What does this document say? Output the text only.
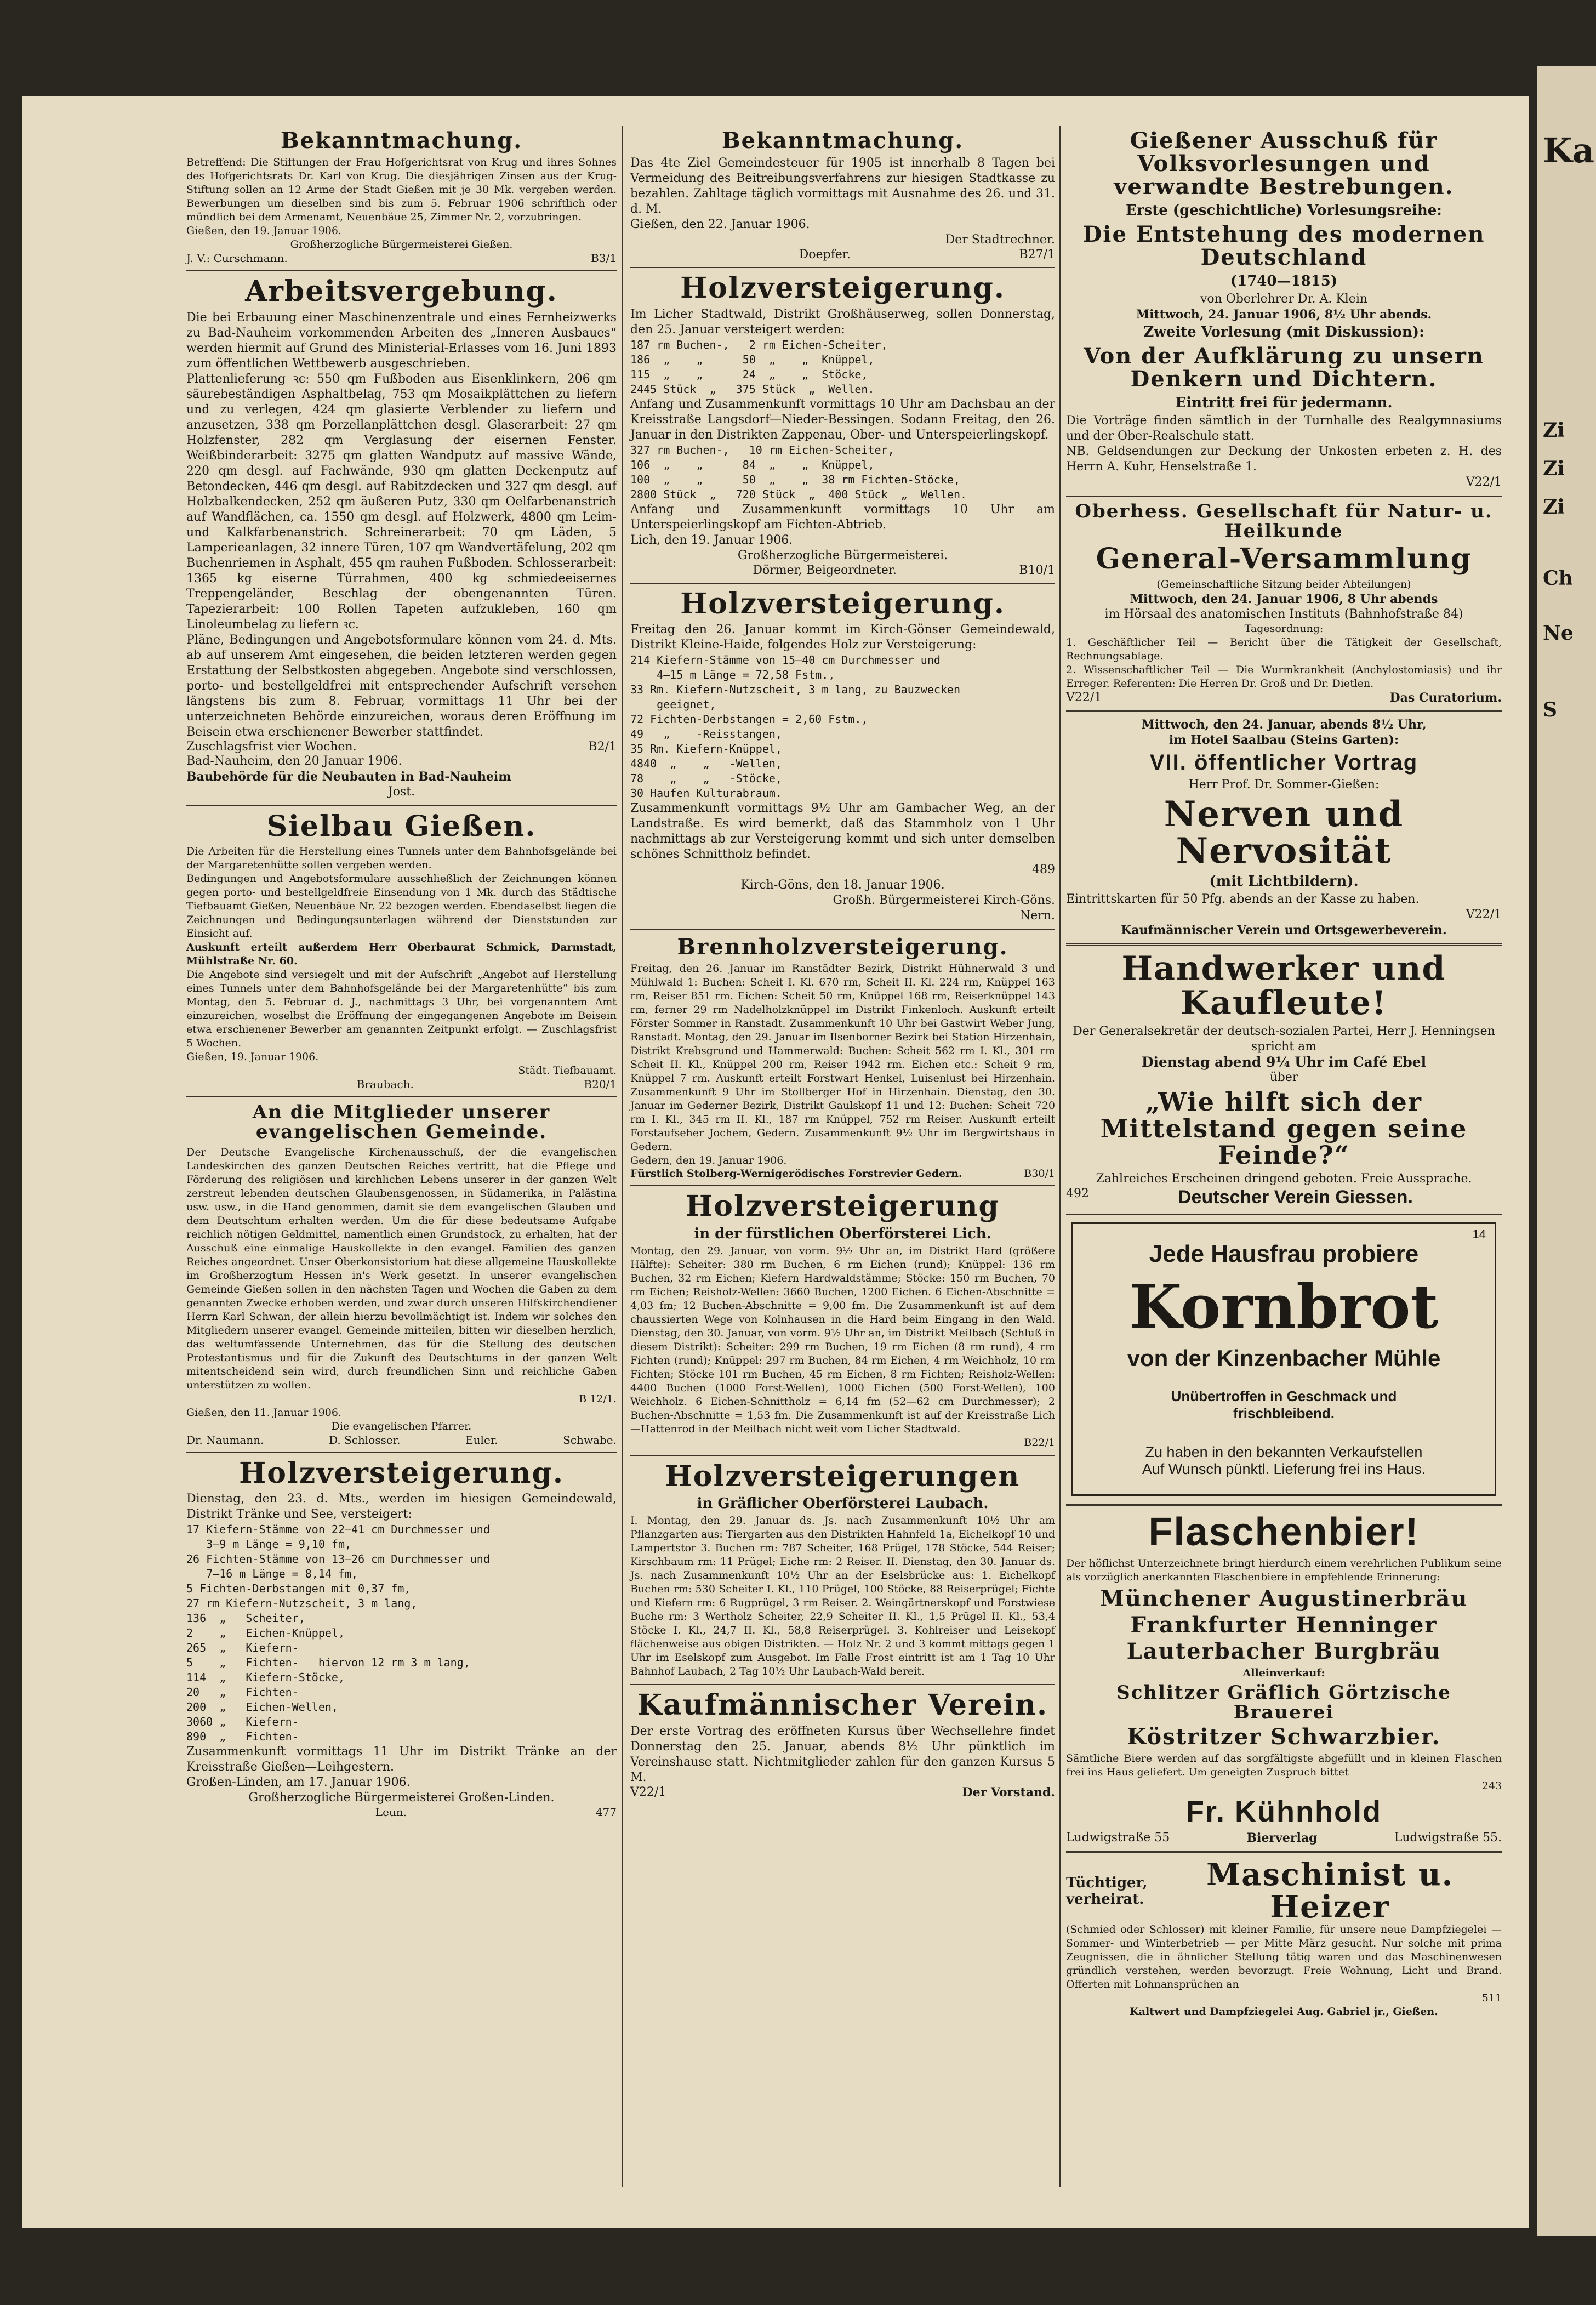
Ka
Zi
Zi
Zi
Ch
Ne
S
Bekanntmachung.

Betreffend: Die Stiftungen der Frau Hofgerichtsrat von Krug und ihres Sohnes des Hofgerichtsrats Dr. Karl von Krug. Die diesjährigen Zinsen aus der Krug-Stiftung sollen an 12 Arme der Stadt Gießen mit je 30 Mk. vergeben werden. Bewerbungen um dieselben sind bis zum 5. Februar 1906 schriftlich oder mündlich bei dem Armenamt, Neuenbäue 25, Zimmer Nr. 2, vorzubringen.

Gießen, den 19. Januar 1906.

Großherzogliche Bürgermeisterei Gießen.

J. V.: Curschmann.	B3/1
Arbeitsvergebung.

Die bei Erbauung einer Maschinenzentrale und eines Fernheizwerks zu Bad-Nauheim vorkommenden Arbeiten des „Inneren Ausbaues“ werden hiermit auf Grund des Ministerial-Erlasses vom 16. Juni 1893 zum öffentlichen Wettbewerb ausgeschrieben.

Plattenlieferung ꝛc: 550 qm Fußboden aus Eisenklinkern, 206 qm säurebeständigen Asphaltbelag, 753 qm Mosaikplättchen zu liefern und zu verlegen, 424 qm glasierte Verblender zu liefern und anzusetzen, 338 qm Porzellanplättchen desgl. Glaserarbeit: 27 qm Holzfenster, 282 qm Verglasung der eisernen Fenster. Weißbinderarbeit: 3275 qm glatten Wandputz auf massive Wände, 220 qm desgl. auf Fachwände, 930 qm glatten Deckenputz auf Betondecken, 446 qm desgl. auf Rabitzdecken und 327 qm desgl. auf Holzbalkendecken, 252 qm äußeren Putz, 330 qm Oelfarbenanstrich auf Wandflächen, ca. 1550 qm desgl. auf Holzwerk, 4800 qm Leim- und Kalkfarbenanstrich. Schreinerarbeit: 70 qm Läden, 5 Lamperieanlagen, 32 innere Türen, 107 qm Wandvertäfelung, 202 qm Buchenriemen in Asphalt, 455 qm rauhen Fußboden. Schlosserarbeit: 1365 kg eiserne Türrahmen, 400 kg schmiedeeisernes Treppengeländer, Beschlag der obengenannten Türen. Tapezierarbeit: 100 Rollen Tapeten aufzukleben, 160 qm Linoleumbelag zu liefern ꝛc.

Pläne, Bedingungen und Angebotsformulare können vom 24. d. Mts. ab auf unserem Amt eingesehen, die beiden letzteren werden gegen Erstattung der Selbstkosten abgegeben. Angebote sind verschlossen, porto- und bestellgeldfrei mit entsprechender Aufschrift versehen längstens bis zum 8. Februar, vormittags 11 Uhr bei der unterzeichneten Behörde einzureichen, woraus deren Eröffnung im Beisein etwa erschienener Bewerber stattfindet.

Zuschlagsfrist vier Wochen.	B2/1

Bad-Nauheim, den 20 Januar 1906.

Baubehörde für die Neubauten in Bad-Nauheim

Jost.

Sielbau Gießen.

Die Arbeiten für die Herstellung eines Tunnels unter dem Bahnhofsgelände bei der Margaretenhütte sollen vergeben werden.

Bedingungen und Angebotsformulare ausschließlich der Zeichnungen können gegen porto- und bestellgeldfreie Einsendung von 1 Mk. durch das Städtische Tiefbauamt Gießen, Neuenbäue Nr. 22 bezogen werden. Ebendaselbst liegen die Zeichnungen und Bedingungsunterlagen während der Dienststunden zur Einsicht auf.

Auskunft erteilt außerdem Herr Oberbaurat Schmick, Darmstadt, Mühlstraße Nr. 60.

Die Angebote sind versiegelt und mit der Aufschrift „Angebot auf Herstellung eines Tunnels unter dem Bahnhofsgelände bei der Margaretenhütte“ bis zum Montag, den 5. Februar d. J., nachmittags 3 Uhr, bei vorgenanntem Amt einzureichen, woselbst die Eröffnung der eingegangenen Angebote im Beisein etwa erschienener Bewerber am genannten Zeitpunkt erfolgt. — Zuschlagsfrist 5 Wochen.

Gießen, 19. Januar 1906.

Städt. Tiefbauamt.

Braubach.	B20/1
An die Mitglieder unserer evangelischen Gemeinde.

Der Deutsche Evangelische Kirchenausschuß, der die evangelischen Landeskirchen des ganzen Deutschen Reiches vertritt, hat die Pflege und Förderung des religiösen und kirchlichen Lebens unserer in der ganzen Welt zerstreut lebenden deutschen Glaubensgenossen, in Südamerika, in Palästina usw. usw., in die Hand genommen, damit sie dem evangelischen Glauben und dem Deutschtum erhalten werden. Um die für diese bedeutsame Aufgabe reichlich nötigen Geldmittel, namentlich einen Grundstock, zu erhalten, hat der Ausschuß eine einmalige Hauskollekte in den evangel. Familien des ganzen Reiches angeordnet. Unser Oberkonsistorium hat diese allgemeine Hauskollekte im Großherzogtum Hessen in's Werk gesetzt. In unserer evangelischen Gemeinde Gießen sollen in den nächsten Tagen und Wochen die Gaben zu dem genannten Zwecke erhoben werden, und zwar durch unseren Hilfskirchendiener Herrn Karl Schwan, der allein hierzu bevollmächtigt ist. Indem wir solches den Mitgliedern unserer evangel. Gemeinde mitteilen, bitten wir dieselben herzlich, das weltumfassende Unternehmen, das für die Stellung des deutschen Protestantismus und für die Zukunft des Deutschtums in der ganzen Welt mitentscheidend sein wird, durch freundlichen Sinn und reichliche Gaben unterstützen zu wollen.

B 12/1.

Gießen, den 11. Januar 1906.

Die evangelischen Pfarrer.

Dr. Naumann.	D. Schlosser.	Euler.	Schwabe.
Holzversteigerung.

Dienstag, den 23. d. Mts., werden im hiesigen Gemeindewald, Distrikt Tränke und See, versteigert:

17 Kiefern-Stämme von 22—41 cm Durchmesser und
3—9 m Länge = 9,10 fm,
26 Fichten-Stämme von 13—26 cm Durchmesser und
7—16 m Länge = 8,14 fm,
5 Fichten-Derbstangen mit 0,37 fm,
27 rm Kiefern-Nutzscheit, 3 m lang,
136  „   Scheiter,
2    „   Eichen-Knüppel,
265  „   Kiefern-
5    „   Fichten-   hiervon 12 rm 3 m lang,
114  „   Kiefern-Stöcke,
20   „   Fichten-
200  „   Eichen-Wellen,
3060 „   Kiefern-
890  „   Fichten-

Zusammenkunft vormittags 11 Uhr im Distrikt Tränke an der Kreisstraße Gießen—Leihgestern.

Großen-Linden, am 17. Januar 1906.

Großherzogliche Bürgermeisterei Großen-Linden.

Leun.	477
Bekanntmachung.

Das 4te Ziel Gemeindesteuer für 1905 ist innerhalb 8 Tagen bei Vermeidung des Beitreibungsverfahrens zur hiesigen Stadtkasse zu bezahlen. Zahltage täglich vormittags mit Ausnahme des 26. und 31. d. M.

Gießen, den 22. Januar 1906.

Der Stadtrechner.

Doepfer.	B27/1
Holzversteigerung.

Im Licher Stadtwald, Distrikt Großhäuserweg, sollen Donnerstag, den 25. Januar versteigert werden:

187 rm Buchen-,   2 rm Eichen-Scheiter,
186  „    „      50  „    „  Knüppel,
115  „    „      24  „    „  Stöcke,
2445 Stück  „   375 Stück  „  Wellen.

Anfang und Zusammenkunft vormittags 10 Uhr am Dachsbau an der Kreisstraße Langsdorf—Nieder-Bessingen. Sodann Freitag, den 26. Januar in den Distrikten Zappenau, Ober- und Unterspeierlingskopf.

327 rm Buchen-,   10 rm Eichen-Scheiter,
106  „    „      84  „    „  Knüppel,
100  „    „      50  „    „  38 rm Fichten-Stöcke,
2800 Stück  „   720 Stück  „  400 Stück  „  Wellen.

Anfang und Zusammenkunft vormittags 10 Uhr am Unterspeierlingskopf am Fichten-Abtrieb.

Lich, den 19. Januar 1906.

Großherzogliche Bürgermeisterei.

Dörmer, Beigeordneter.	B10/1
Holzversteigerung.

Freitag den 26. Januar kommt im Kirch-Gönser Gemeindewald, Distrikt Kleine-Haide, folgendes Holz zur Versteigerung:

214 Kiefern-Stämme von 15—40 cm Durchmesser und
4—15 m Länge = 72,58 Fstm.,
33 Rm. Kiefern-Nutzscheit, 3 m lang, zu Bauzwecken
geeignet,
72 Fichten-Derbstangen = 2,60 Fstm.,
49   „    -Reisstangen,
35 Rm. Kiefern-Knüppel,
4840  „    „   -Wellen,
78    „    „   -Stöcke,
30 Haufen Kulturabraum.

Zusammenkunft vormittags 9½ Uhr am Gambacher Weg, an der Landstraße. Es wird bemerkt, daß das Stammholz von 1 Uhr nachmittags ab zur Versteigerung kommt und sich unter demselben schönes Schnittholz befindet.

489

Kirch-Göns, den 18. Januar 1906.

Großh. Bürgermeisterei Kirch-Göns.

Nern.

Brennholzversteigerung.

Freitag, den 26. Januar im Ranstädter Bezirk, Distrikt Hühnerwald 3 und Mühlwald 1: Buchen: Scheit I. Kl. 670 rm, Scheit II. Kl. 224 rm, Knüppel 163 rm, Reiser 851 rm. Eichen: Scheit 50 rm, Knüppel 168 rm, Reiserknüppel 143 rm, ferner 29 rm Nadelholzknüppel im Distrikt Finkenloch. Auskunft erteilt Förster Sommer in Ranstadt. Zusammenkunft 10 Uhr bei Gastwirt Weber Jung, Ranstadt. Montag, den 29. Januar im Ilsenborner Bezirk bei Station Hirzenhain, Distrikt Krebsgrund und Hammerwald: Buchen: Scheit 562 rm I. Kl., 301 rm Scheit II. Kl., Knüppel 200 rm, Reiser 1942 rm. Eichen etc.: Scheit 9 rm, Knüppel 7 rm. Auskunft erteilt Forstwart Henkel, Luisenlust bei Hirzenhain. Zusammenkunft 9 Uhr im Stollberger Hof in Hirzenhain. Dienstag, den 30. Januar im Gederner Bezirk, Distrikt Gaulskopf 11 und 12: Buchen: Scheit 720 rm I. Kl., 345 rm II. Kl., 187 rm Knüppel, 752 rm Reiser. Auskunft erteilt Forstaufseher Jochem, Gedern. Zusammenkunft 9½ Uhr im Bergwirtshaus in Gedern.

Gedern, den 19. Januar 1906.

Fürstlich Stolberg-Wernigerödisches Forstrevier Gedern.	B30/1
Holzversteigerung
in der fürstlichen Oberförsterei Lich.

Montag, den 29. Januar, von vorm. 9½ Uhr an, im Distrikt Hard (größere Hälfte): Scheiter: 380 rm Buchen, 6 rm Eichen (rund); Knüppel: 136 rm Buchen, 32 rm Eichen; Kiefern Hardwaldstämme; Stöcke: 150 rm Buchen, 70 rm Eichen; Reisholz-Wellen: 3660 Buchen, 1200 Eichen. 6 Eichen-Abschnitte = 4,03 fm; 12 Buchen-Abschnitte = 9,00 fm. Die Zusammenkunft ist auf dem chaussierten Wege von Kolnhausen in die Hard beim Eingang in den Wald. Dienstag, den 30. Januar, von vorm. 9½ Uhr an, im Distrikt Meilbach (Schluß in diesem Distrikt): Scheiter: 299 rm Buchen, 19 rm Eichen (8 rm rund), 4 rm Fichten (rund); Knüppel: 297 rm Buchen, 84 rm Eichen, 4 rm Weichholz, 10 rm Fichten; Stöcke 101 rm Buchen, 45 rm Eichen, 8 rm Fichten; Reisholz-Wellen: 4400 Buchen (1000 Forst-Wellen), 1000 Eichen (500 Forst-Wellen), 100 Weichholz. 6 Eichen-Schnittholz = 6,14 fm (52—62 cm Durchmesser); 2 Buchen-Abschnitte = 1,53 fm. Die Zusammenkunft ist auf der Kreisstraße Lich—Hattenrod in der Meilbach nicht weit vom Licher Stadtwald.

B22/1

Holzversteigerungen
in Gräflicher Oberförsterei Laubach.

I. Montag, den 29. Januar ds. Js. nach Zusammenkunft 10½ Uhr am Pflanzgarten aus: Tiergarten aus den Distrikten Hahnfeld 1a, Eichelkopf 10 und Lampertstor 3. Buchen rm: 787 Scheiter, 168 Prügel, 178 Stöcke, 544 Reiser; Kirschbaum rm: 11 Prügel; Eiche rm: 2 Reiser. II. Dienstag, den 30. Januar ds. Js. nach Zusammenkunft 10½ Uhr an der Eselsbrücke aus: 1. Eichelkopf Buchen rm: 530 Scheiter I. Kl., 110 Prügel, 100 Stöcke, 88 Reiserprügel; Fichte und Kiefern rm: 6 Rugprügel, 3 rm Reiser. 2. Weingärtnerskopf und Forstwiese Buche rm: 3 Wertholz Scheiter, 22,9 Scheiter II. Kl., 1,5 Prügel II. Kl., 53,4 Stöcke I. Kl., 24,7 II. Kl., 58,8 Reiserprügel. 3. Kohlreiser und Leisekopf flächenweise aus obigen Distrikten. — Holz Nr. 2 und 3 kommt mittags gegen 1 Uhr im Eselskopf zum Ausgebot. Im Falle Frost eintritt ist am 1 Tag 10 Uhr Bahnhof Laubach, 2 Tag 10½ Uhr Laubach-Wald bereit.

Kaufmännischer Verein.

Der erste Vortrag des eröffneten Kursus über Wechsellehre findet Donnerstag den 25. Januar, abends 8½ Uhr pünktlich im Vereinshause statt. Nichtmitglieder zahlen für den ganzen Kursus 5 M.

V22/1	Der Vorstand.
Gießener Ausschuß für Volksvorlesungen und verwandte Bestrebungen.
Erste (geschichtliche) Vorlesungsreihe:
Die Entstehung des modernen Deutschland
(1740—1815)

von Oberlehrer Dr. A. Klein

Mittwoch, 24. Januar 1906, 8½ Uhr abends.

Zweite Vorlesung (mit Diskussion):
Von der Aufklärung zu unsern Denkern und Dichtern.
Eintritt frei für jedermann.

Die Vorträge finden sämtlich in der Turnhalle des Realgymnasiums und der Ober-Realschule statt.

NB. Geldsendungen zur Deckung der Unkosten erbeten z. H. des Herrn A. Kuhr, Henselstraße 1.

V22/1

Oberhess. Gesellschaft für Natur- u. Heilkunde
General-Versammlung

(Gemeinschaftliche Sitzung beider Abteilungen)

Mittwoch, den 24. Januar 1906, 8 Uhr abends

im Hörsaal des anatomischen Instituts (Bahnhofstraße 84)

Tagesordnung:

1. Geschäftlicher Teil — Bericht über die Tätigkeit der Gesellschaft, Rechnungsablage.

2. Wissenschaftlicher Teil — Die Wurmkrankheit (Anchylostomiasis) und ihr Erreger. Referenten: Die Herren Dr. Groß und Dr. Dietlen.

V22/1	Das Curatorium.

Mittwoch, den 24. Januar, abends 8½ Uhr,

im Hotel Saalbau (Steins Garten):

VII. öffentlicher Vortrag

Herr Prof. Dr. Sommer-Gießen:

Nerven und Nervosität
(mit Lichtbildern).

Eintrittskarten für 50 Pfg. abends an der Kasse zu haben.

V22/1

Kaufmännischer Verein und Ortsgewerbeverein.

Handwerker und Kaufleute!

Der Generalsekretär der deutsch-sozialen Partei, Herr J. Henningsen spricht am

Dienstag abend 9¼ Uhr im Café Ebel

über

„Wie hilft sich der Mittelstand gegen seine Feinde?“

Zahlreiches Erscheinen dringend geboten. Freie Aussprache.

492	Deutscher Verein Giessen.
14
Jede Hausfrau probiere
Kornbrot
von der Kinzenbacher Mühle
Unübertroffen in Geschmack und frischbleibend.
Zu haben in den bekannten Verkaufstellen
Auf Wunsch pünktl. Lieferung frei ins Haus.
Flaschenbier!

Der höflichst Unterzeichnete bringt hierdurch einem verehrlichen Publikum seine als vorzüglich anerkannten Flaschenbiere in empfehlende Erinnerung:

Münchener Augustinerbräu
Frankfurter Henninger
Lauterbacher Burgbräu

Alleinverkauf:

Schlitzer Gräflich Görtzische Brauerei
Köstritzer Schwarzbier.

Sämtliche Biere werden auf das sorgfältigste abgefüllt und in kleinen Flaschen frei ins Haus geliefert. Um geneigten Zuspruch bittet

243

Fr. Kühnhold
Ludwigstraße 55	Bierverlag	Ludwigstraße 55.
Tüchtiger, verheirat.
Maschinist u. Heizer

(Schmied oder Schlosser) mit kleiner Familie, für unsere neue Dampfziegelei — Sommer- und Winterbetrieb — per Mitte März gesucht. Nur solche mit prima Zeugnissen, die in ähnlicher Stellung tätig waren und das Maschinenwesen gründlich verstehen, werden bevorzugt. Freie Wohnung, Licht und Brand. Offerten mit Lohnansprüchen an

511

Kaltwert und Dampfziegelei Aug. Gabriel jr., Gießen.
